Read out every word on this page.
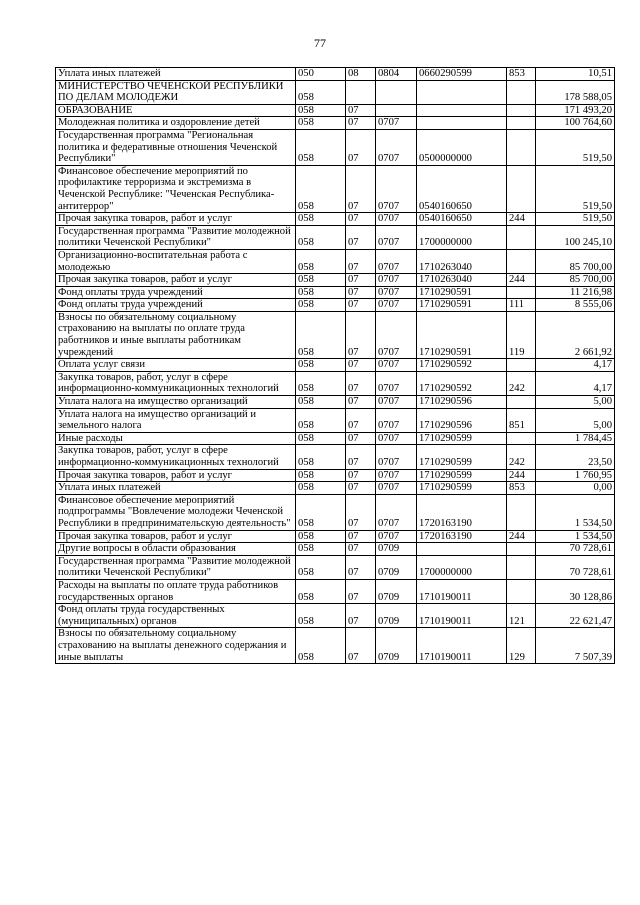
77
Уплата иных платежей	050	08	0804	0660290599	853	10,51
МИНИСТЕРСТВО ЧЕЧЕНСКОЙ РЕСПУБЛИКИ ПО ДЕЛАМ МОЛОДЕЖИ	058					178 588,05
ОБРАЗОВАНИЕ	058	07				171 493,20
Молодежная политика и оздоровление детей	058	07	0707			100 764,60
Государственная программа "Региональная политика и федеративные отношения Чеченской Республики"	058	07	0707	0500000000		519,50
Финансовое обеспечение мероприятий по профилактике терроризма и экстремизма в Чеченской Республике: "Чеченская Республика-антитеррор"	058	07	0707	0540160650		519,50
Прочая закупка товаров, работ и услуг	058	07	0707	0540160650	244	519,50
Государственная программа "Развитие молодежной политики Чеченской Республики"	058	07	0707	1700000000		100 245,10
Организационно-воспитательная работа с молодежью	058	07	0707	1710263040		85 700,00
Прочая закупка товаров, работ и услуг	058	07	0707	1710263040	244	85 700,00
Фонд оплаты труда учреждений	058	07	0707	1710290591		11 216,98
Фонд оплаты труда учреждений	058	07	0707	1710290591	111	8 555,06
Взносы по обязательному социальному страхованию на выплаты по оплате труда работников и иные выплаты работникам учреждений	058	07	0707	1710290591	119	2 661,92
Оплата услуг связи	058	07	0707	1710290592		4,17
Закупка товаров, работ, услуг в сфере информационно-коммуникационных технологий	058	07	0707	1710290592	242	4,17
Уплата налога на имущество организаций	058	07	0707	1710290596		5,00
Уплата налога на имущество организаций и земельного налога	058	07	0707	1710290596	851	5,00
Иные расходы	058	07	0707	1710290599		1 784,45
Закупка товаров, работ, услуг в сфере информационно-коммуникационных технологий	058	07	0707	1710290599	242	23,50
Прочая закупка товаров, работ и услуг	058	07	0707	1710290599	244	1 760,95
Уплата иных платежей	058	07	0707	1710290599	853	0,00
Финансовое обеспечение мероприятий подпрограммы "Вовлечение молодежи Чеченской Республики в предпринимательскую деятельность"	058	07	0707	1720163190		1 534,50
Прочая закупка товаров, работ и услуг	058	07	0707	1720163190	244	1 534,50
Другие вопросы в области образования	058	07	0709			70 728,61
Государственная программа "Развитие молодежной политики Чеченской Республики"	058	07	0709	1700000000		70 728,61
Расходы на выплаты по оплате труда работников государственных органов	058	07	0709	1710190011		30 128,86
Фонд оплаты труда государственных (муниципальных) органов	058	07	0709	1710190011	121	22 621,47
Взносы по обязательному социальному страхованию на выплаты денежного содержания и иные выплаты	058	07	0709	1710190011	129	7 507,39
